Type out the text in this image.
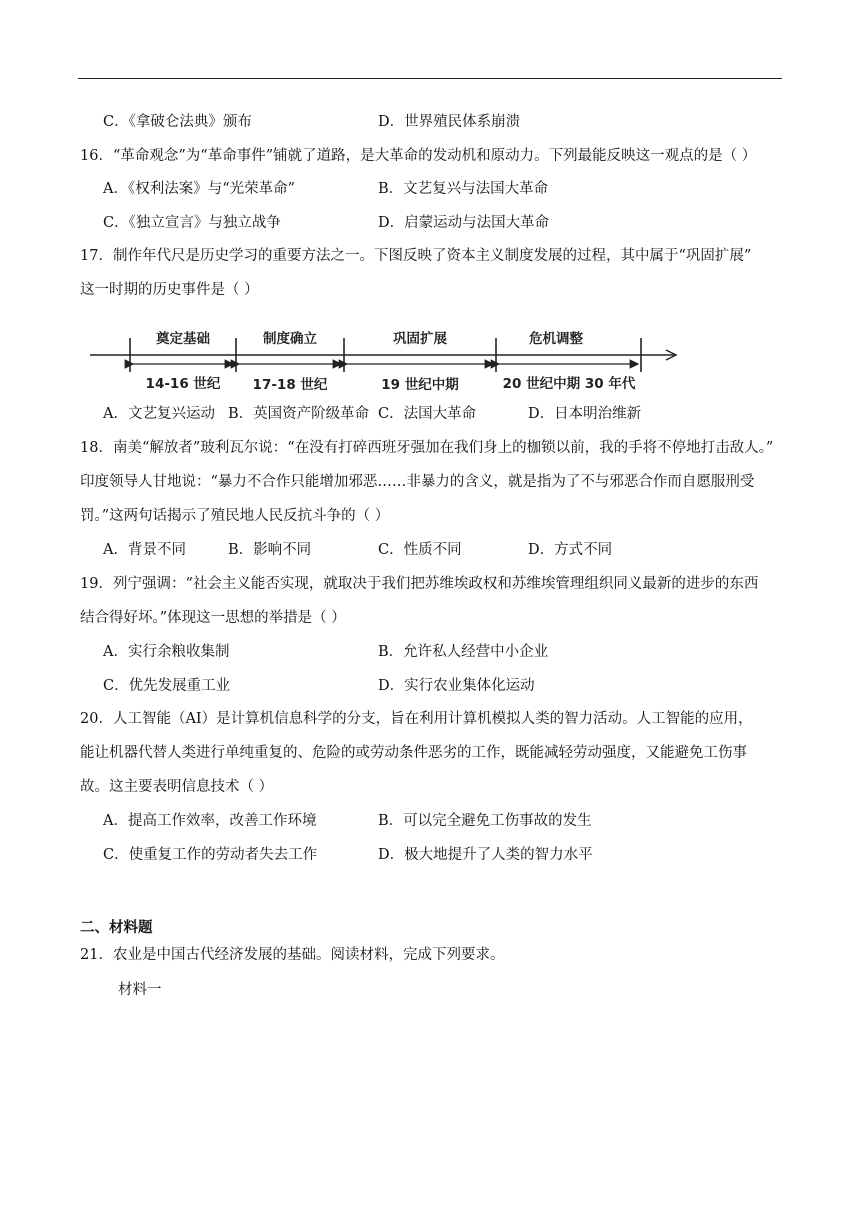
C．《拿破仑法典》颁布	D．世界殖民体系崩溃
16．“革命观念”为“革命事件”铺就了道路，是大革命的发动机和原动力。下列最能反映这一观点的是（ ）
A．《权利法案》与“光荣革命”	B．文艺复兴与法国大革命
C．《独立宣言》与独立战争	D．启蒙运动与法国大革命
17．制作年代尺是历史学习的重要方法之一。下图反映了资本主义制度发展的过程，其中属于“巩固扩展”
这一时期的历史事件是（ ）
奠定基础	制度确立	巩固扩展	危机调整
14-16 世纪 17-18 世纪	19 世纪中期	20 世纪中期 30 年代
A．文艺复兴运动 B．英国资产阶级革命 C．法国大革命	D．日本明治维新
18．南美“解放者”玻利瓦尔说：“在没有打碎西班牙强加在我们身上的枷锁以前，我的手将不停地打击敌人。”
印度领导人甘地说：“暴力不合作只能增加邪恶……非暴力的含义，就是指为了不与邪恶合作而自愿服刑受
罚。”这两句话揭示了殖民地人民反抗斗争的（ ）
A．背景不同	B．影响不同	C．性质不同	D．方式不同
19．列宁强调：“社会主义能否实现，就取决于我们把苏维埃政权和苏维埃管理组织同义最新的进步的东西
结合得好坏。”体现这一思想的举措是（ ）
A．实行余粮收集制	B．允许私人经营中小企业
C．优先发展重工业	D．实行农业集体化运动
20．人工智能（AI）是计算机信息科学的分支，旨在利用计算机模拟人类的智力活动。人工智能的应用，
能让机器代替人类进行单纯重复的、危险的或劳动条件恶劣的工作，既能减轻劳动强度，又能避免工伤事
故。这主要表明信息技术（ ）
A．提高工作效率，改善工作环境	B．可以完全避免工伤事故的发生
C．使重复工作的劳动者失去工作	D．极大地提升了人类的智力水平
二、材料题
21．农业是中国古代经济发展的基础。阅读材料，完成下列要求。
材料一
